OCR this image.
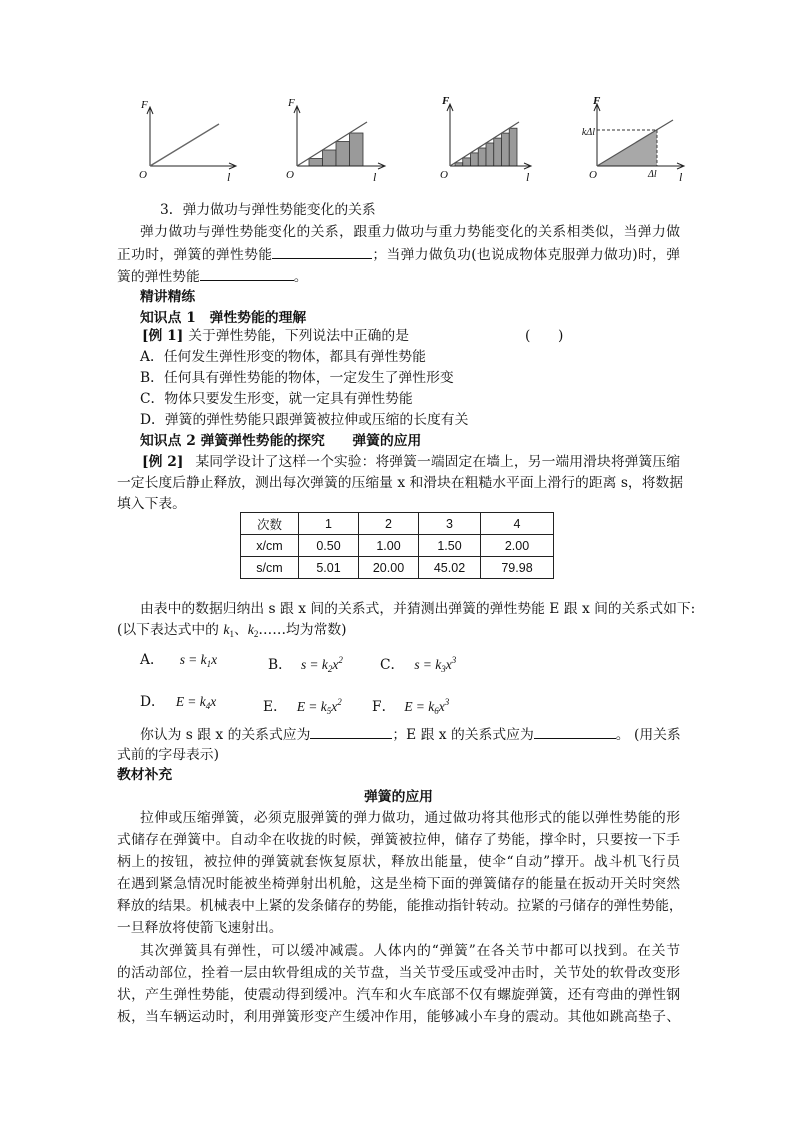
F
O	l
F
O	l
F
O	l
F
O	l
kΔl
Δl
3．弹力做功与弹性势能变化的关系
弹力做功与弹性势能变化的关系，跟重力做功与重力势能变化的关系相类似，当弹力做
正功时，弹簧的弹性势能	；当弹力做负功(也说成物体克服弹力做功)时，弹
簧的弹性势能	。
精讲精练
知识点 1　弹性势能的理解
[例 1] 关于弹性势能，下列说法中正确的是	(　　)
A．任何发生弹性形变的物体，都具有弹性势能
B．任何具有弹性势能的物体，一定发生了弹性形变
C．物体只要发生形变，就一定具有弹性势能
D．弹簧的弹性势能只跟弹簧被拉伸或压缩的长度有关
知识点 2 弹簧弹性势能的探究　　弹簧的应用
[例 2] 某同学设计了这样一个实验：将弹簧一端固定在墙上，另一端用滑块将弹簧压缩
一定长度后静止释放，测出每次弹簧的压缩量 x 和滑块在粗糙水平面上滑行的距离 s，将数据
填入下表。
次数	1	2	3	4
x/cm	0.50	1.00	1.50	2.00
s/cm	5.01	20.00	45.02	79.98
由表中的数据归纳出 s 跟 x 间的关系式，并猜测出弹簧的弹性势能 E 跟 x 间的关系式如下:
(以下表达式中的 $k_1$、$k_2\dots\dots$均为常数)
A． $s = k_1x$	B． $s = k_2x^2$	C． $s = k_3x^3$
D． $E = k_4x$	E． $E = k_5x^2$ F． $E = k_6x^3$
你认为 s 跟 x 的关系式应为	；E 跟 x 的关系式应为	。 (用关系
式前的字母表示)
教材补充
弹簧的应用
拉伸或压缩弹簧，必须克服弹簧的弹力做功，通过做功将其他形式的能以弹性势能的形
式储存在弹簧中。自动伞在收拢的时候，弹簧被拉伸，储存了势能，撑伞时，只要按一下手
柄上的按钮，被拉伸的弹簧就套恢复原状，释放出能量，使伞“自动”撑开。战斗机飞行员
在遇到紧急情况时能被坐椅弹射出机舱，这是坐椅下面的弹簧储存的能量在扳动开关时突然
释放的结果。机械表中上紧的发条储存的势能，能推动指针转动。拉紧的弓储存的弹性势能，
一旦释放将使箭飞速射出。
其次弹簧具有弹性，可以缓冲减震。人体内的“弹簧”在各关节中都可以找到。在关节
的活动部位，拴着一层由软骨组成的关节盘，当关节受压或受冲击时，关节处的软骨改变形
状，产生弹性势能，使震动得到缓冲。汽车和火车底部不仅有螺旋弹簧，还有弯曲的弹性钢
板，当车辆运动时，利用弹簧形变产生缓冲作用，能够减小车身的震动。其他如跳高垫子、
